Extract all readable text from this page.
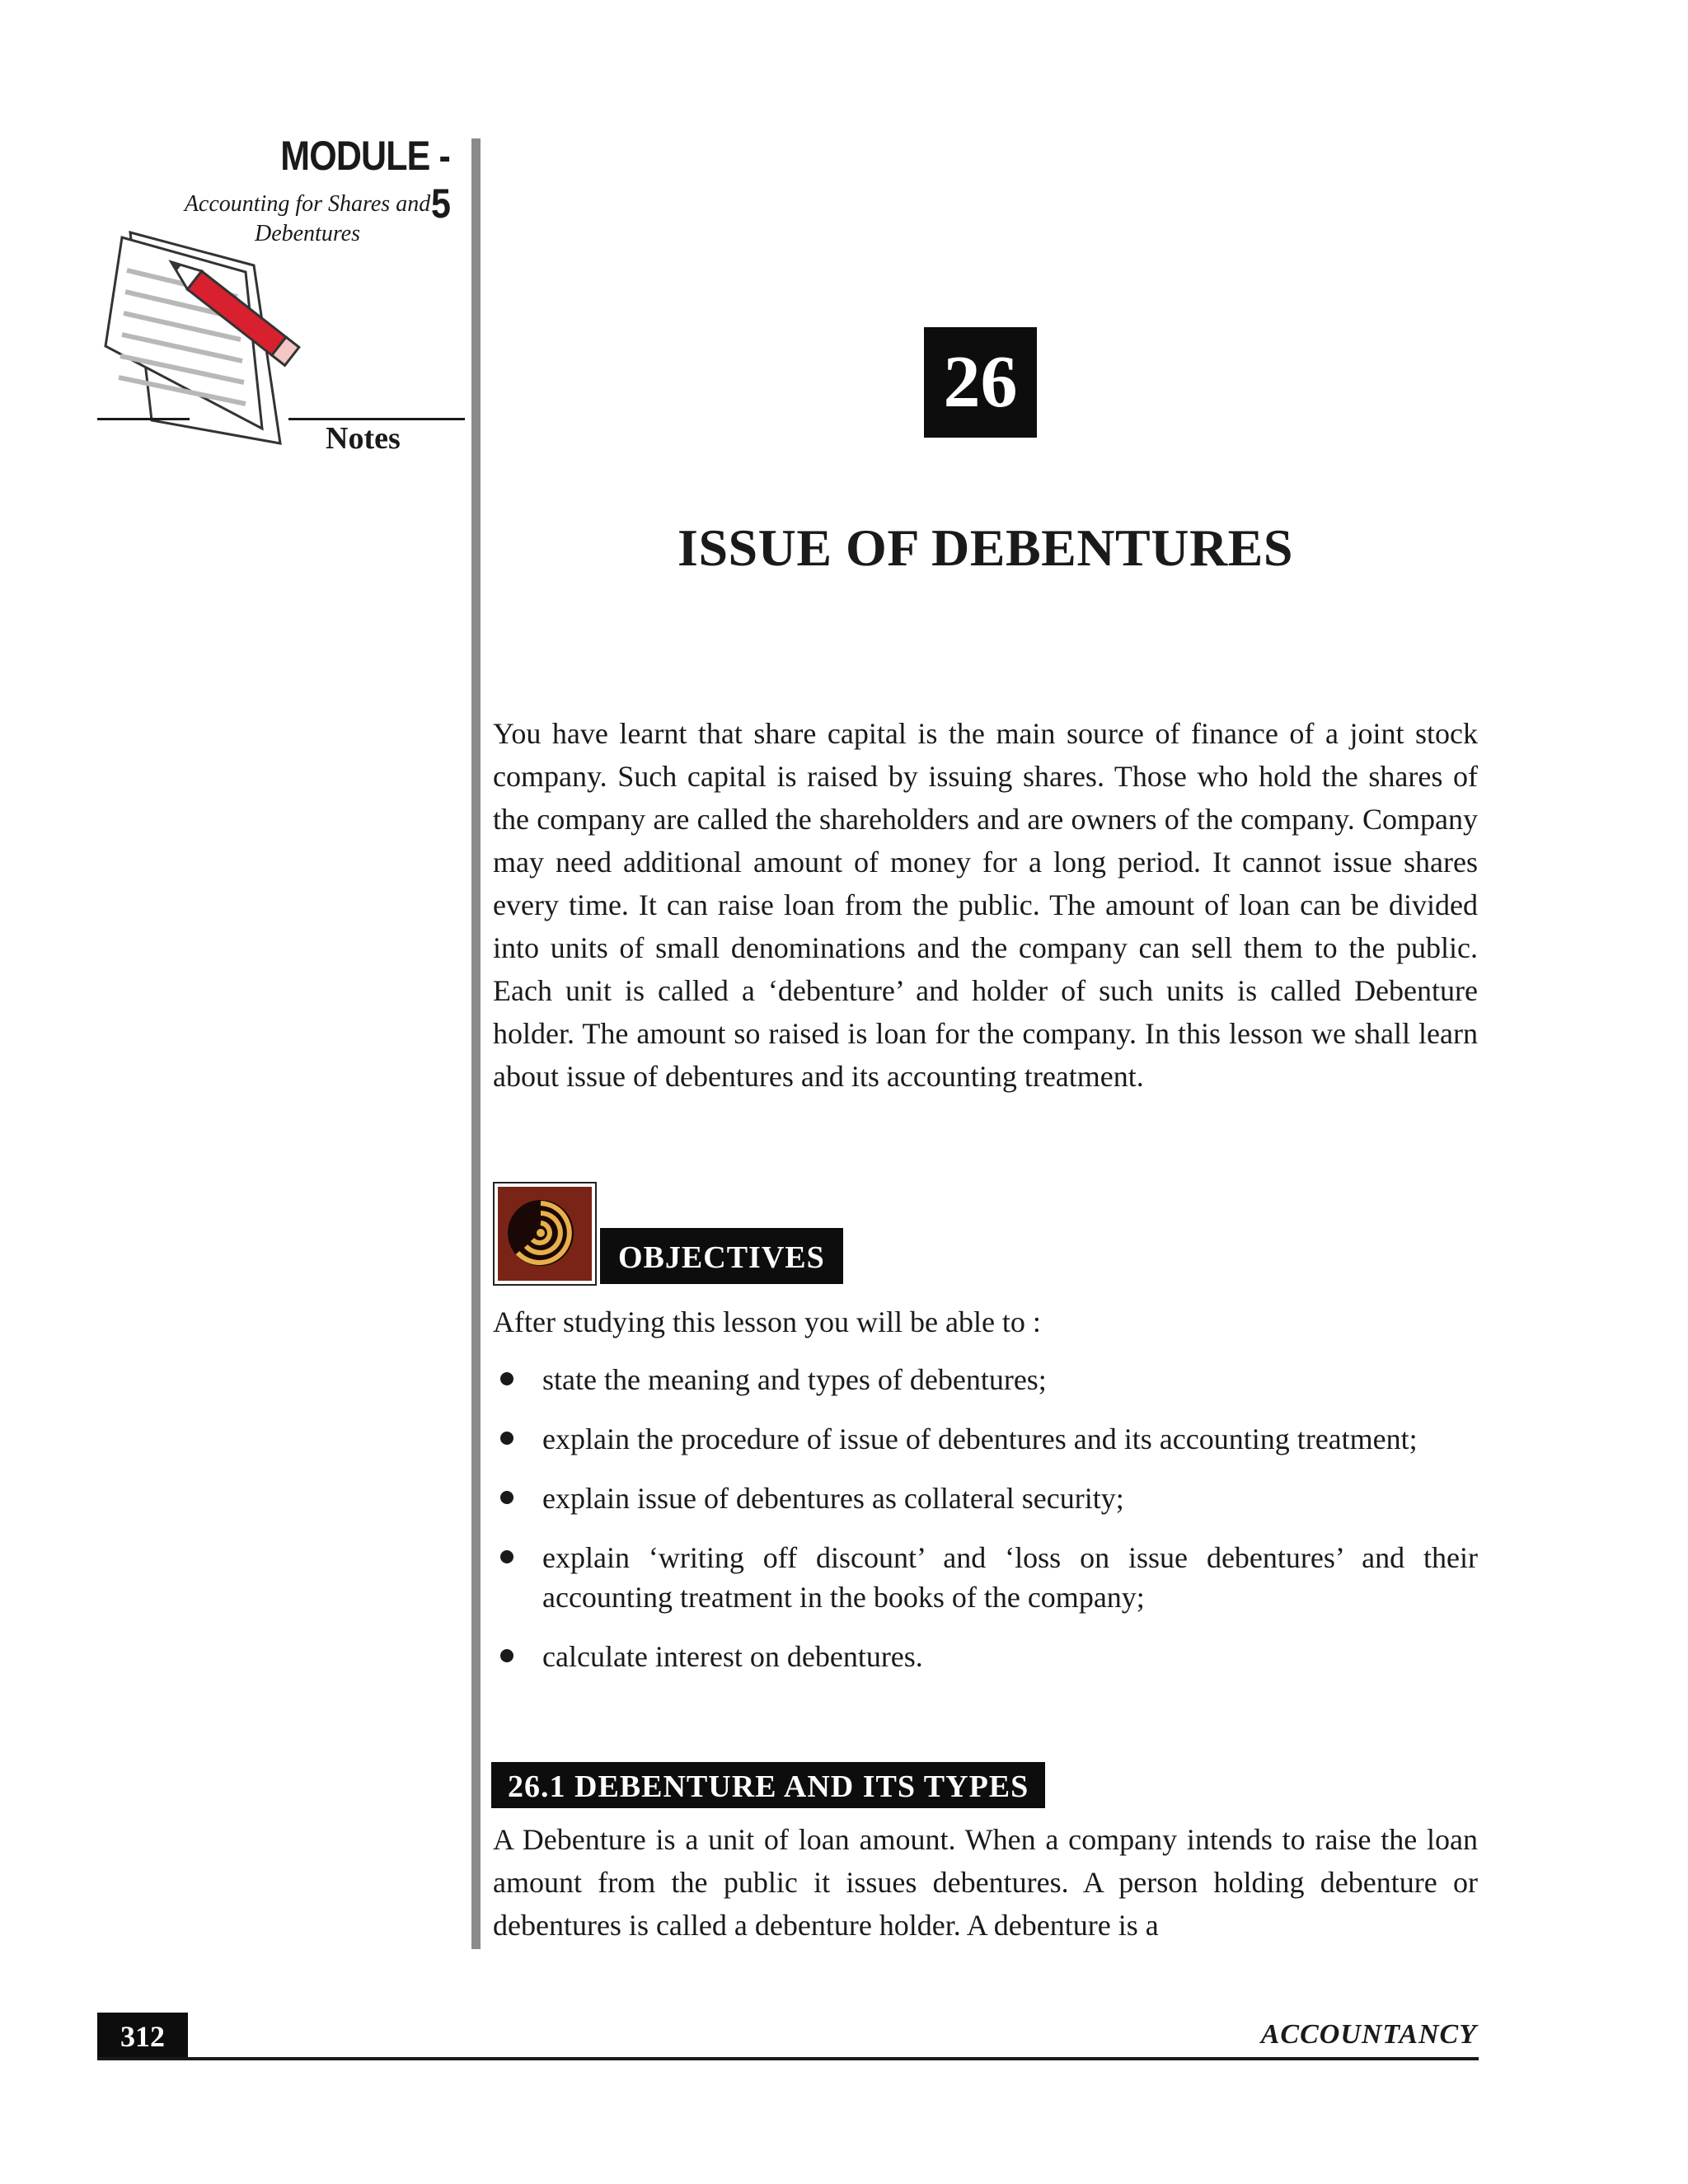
MODULE - 5
Accounting for Shares and
Debentures
Notes
26
ISSUE OF DEBENTURES
You have learnt that share capital is the main source of finance of a joint stock company. Such capital is raised by issuing shares. Those who hold the shares of the company are called the shareholders and are owners of the company. Company may need additional amount of money for a long period. It cannot issue shares every time. It can raise loan from the public. The amount of loan can be divided into units of small denominations and the company can sell them to the public. Each unit is called a ‘debenture’ and holder of such units is called Debenture holder. The amount so raised is loan for the company. In this lesson we shall learn about issue of debentures and its accounting treatment.
OBJECTIVES
After studying this lesson you will be able to :
state the meaning and types of debentures;
explain the procedure of issue of debentures and its accounting treatment;
explain issue of debentures as collateral security;
explain ‘writing off discount’ and ‘loss on issue debentures’ and their accounting treatment in the books of the company;
calculate interest on debentures.
26.1 DEBENTURE AND ITS TYPES
A Debenture is a unit of loan amount. When a company intends to raise the loan amount from the public it issues debentures. A person holding debenture or debentures is called a debenture holder. A debenture is a
312	ACCOUNTANCY
